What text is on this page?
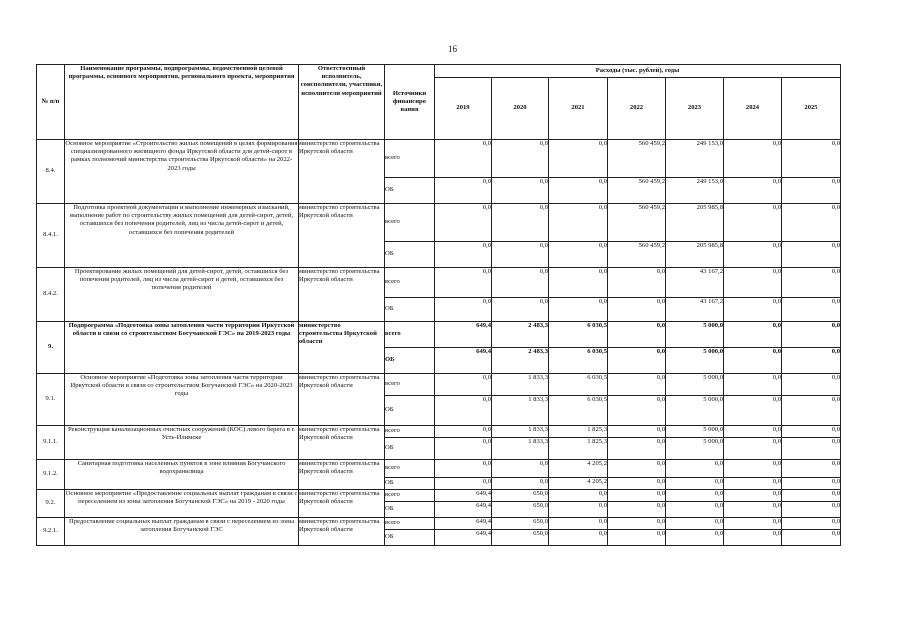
16
№ п/п	Наименование программы, подпрограммы, ведомственной целевой программы, основного мероприятия, регионального проекта, мероприятия	Ответственный исполнитель, соисполнители, участники, исполнители мероприятий	Источники финансиро вания	Расходы (тыс. рублей), годы						
				2019	2020	2021	2022	2023	2024	2025
8.4.	Основное мероприятие «Строительство жилых помещений в целях формирования специализированного жилищного фонда Иркутской области для детей-сирот в рамках полномочий министерства строительства Иркутской области» на 2022-2023 годы	министерство строительства Иркутской области	всего	0,0	0,0	0,0	560 459,2	249 153,0	0,0	0,0
			ОБ	0,0	0,0	0,0	560 459,2	249 153,0	0,0	0,0
8.4.1.	Подготовка проектной документации и выполнение инженерных изысканий, выполнение работ по строительству жилых помещений для детей-сирот, детей, оставшихся без попечения родителей, лиц из числа детей-сирот и детей, оставшихся без попечения родителей	министерство строительства Иркутской области	всего	0,0	0,0	0,0	560 459,2	205 985,8	0,0	0,0
			ОБ	0,0	0,0	0,0	560 459,2	205 985,8	0,0	0,0
8.4.2.	Проектирование жилых помещений для детей-сирот, детей, оставшихся без попечения родителей, лиц из числа детей-сирот и детей, оставшихся без попечения родителей	министерство строительства Иркутской области	всего	0,0	0,0	0,0	0,0	43 167,2	0,0	0,0
			ОБ	0,0	0,0	0,0	0,0	43 167,2	0,0	0,0
9.	Подпрограмма «Подготовка зоны затопления части территории Иркутской области в связи со строительством Богучанской ГЭС» на 2019-2023 годы	министерство строительства Иркутской области	всего	649,4	2 483,3	6 030,5	0,0	5 000,0	0,0	0,0
			ОБ	649,4	2 483,3	6 030,5	0,0	5 000,0	0,0	0,0
9.1.	Основное мероприятие «Подготовка зоны затопления части территории Иркутской области в связи со строительством Богучанской ГЭС» на 2020-2023 годы	министерство строительства Иркутской области	всего	0,0	1 833,3	6 030,5	0,0	5 000,0	0,0	0,0
			ОБ	0,0	1 833,3	6 030,5	0,0	5 000,0	0,0	0,0
9.1.1.	Реконструкция канализационных очистных сооружений (КОС) левого берега в г. Усть-Илимске	министерство строительства Иркутской области	всего	0,0	1 833,3	1 825,3	0,0	5 000,0	0,0	0,0
			ОБ	0,0	1 833,3	1 825,3	0,0	5 000,0	0,0	0,0
9.1.2.	Санитарная подготовка населенных пунктов в зоне влияния Богучанского водохранилища	министерство строительства Иркутской области	всего	0,0	0,0	4 205,2	0,0	0,0	0,0	0,0
			ОБ	0,0	0,0	4 205,2	0,0	0,0	0,0	0,0
9.2.	Основное мероприятие «Предоставление социальных выплат гражданам в связи с переселением из зоны затопления Богучанской ГЭС» на 2019 - 2020 годы	министерство строительства Иркутской области	всего	649,4	650,0	0,0	0,0	0,0	0,0	0,0
			ОБ	649,4	650,0	0,0	0,0	0,0	0,0	0,0
9.2.1.	Предоставление социальных выплат гражданам в связи с переселением из зоны затопления Богучанской ГЭС	министерство строительства Иркутской области	всего	649,4	650,0	0,0	0,0	0,0	0,0	0,0
			ОБ	649,4	650,0	0,0	0,0	0,0	0,0	0,0
